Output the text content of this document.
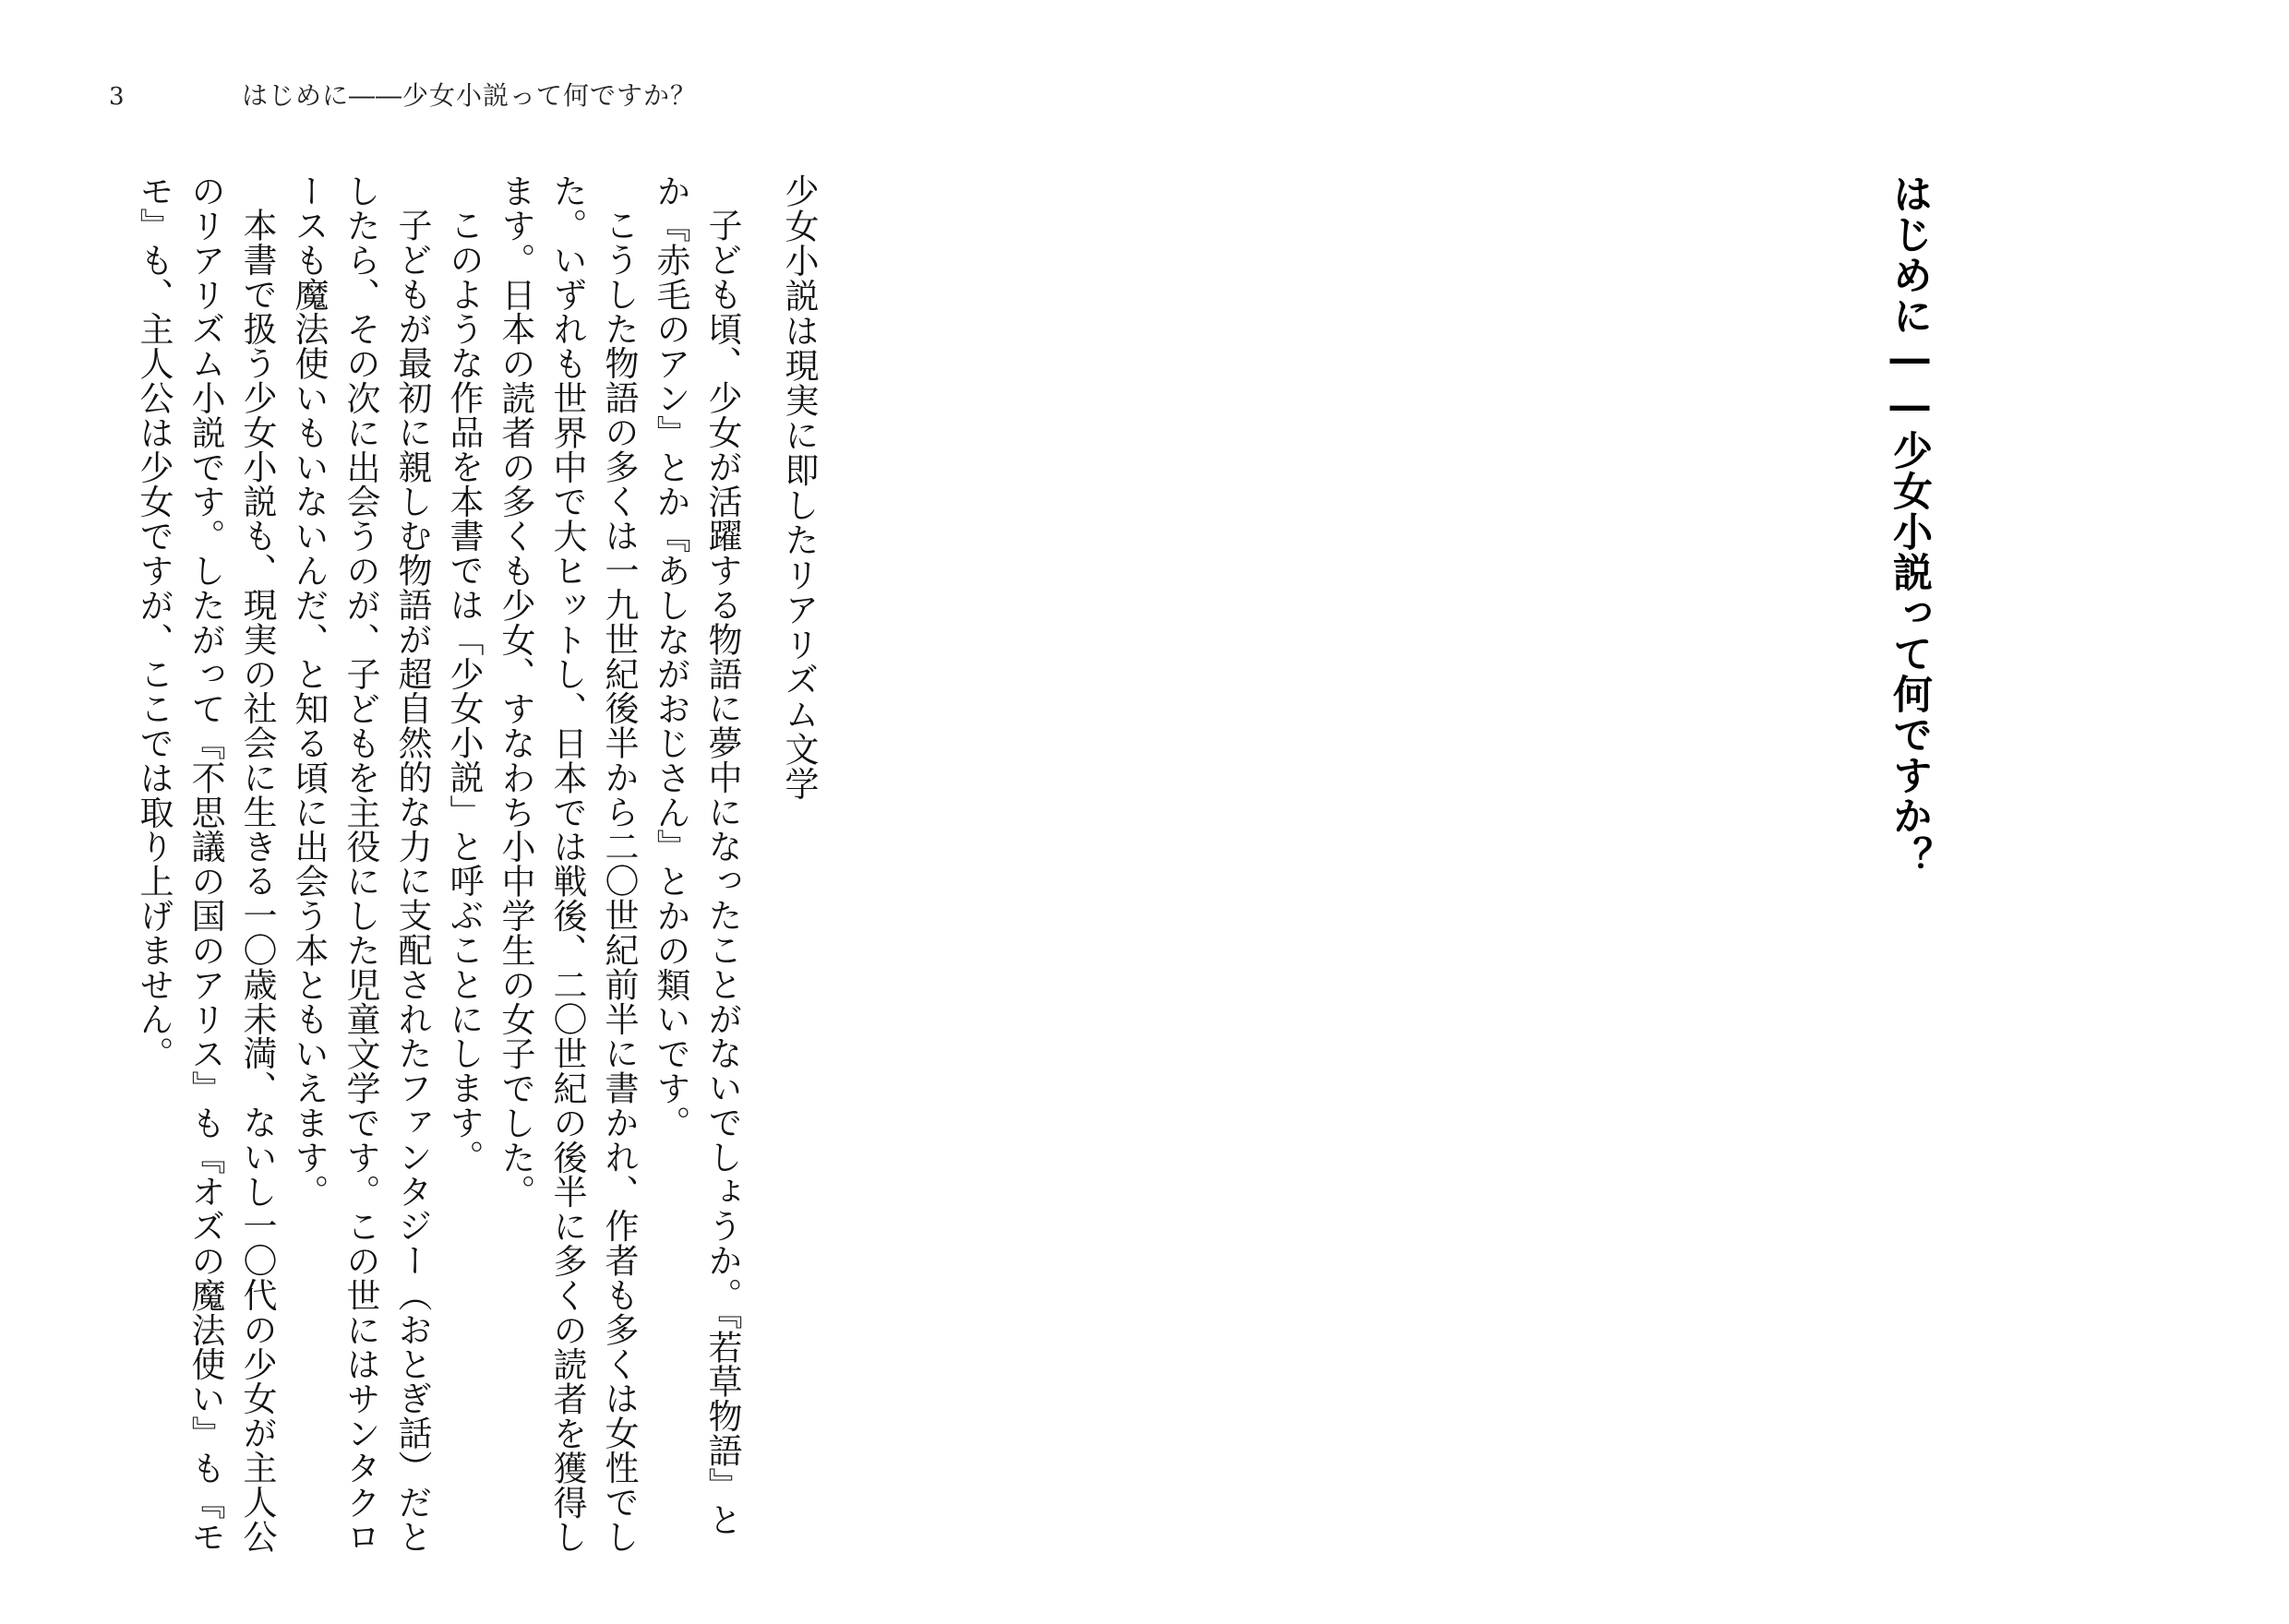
3	はじめに――少女小説って何ですか？
はじめに――少女小説って何ですか？
少女小説は現実に即したリアリズム文学

子ども頃、少女が活躍する物語に夢中になったことがないでしょうか。『若草物語』とか『赤毛のアン』とか『あしながおじさん』とかの類いです。

こうした物語の多くは一九世紀後半から二〇世紀前半に書かれ、作者も多くは女性でした。いずれも世界中で大ヒットし、日本では戦後、二〇世紀の後半に多くの読者を獲得します。日本の読者の多くも少女、すなわち小中学生の女子でした。

このような作品を本書では「少女小説」と呼ぶことにします。

子どもが最初に親しむ物語が超自然的な力に支配されたファンタジー（おとぎ話）だとしたら、その次に出会うのが、子どもを主役にした児童文学です。この世にはサンタクロースも魔法使いもいないんだ、と知る頃に出会う本ともいえます。

本書で扱う少女小説も、現実の社会に生きる一〇歳未満、ないし一〇代の少女が主人公のリアリズム小説です。したがって『不思議の国のアリス』も『オズの魔法使い』も『モモ』も、主人公は少女ですが、ここでは取り上げません。
